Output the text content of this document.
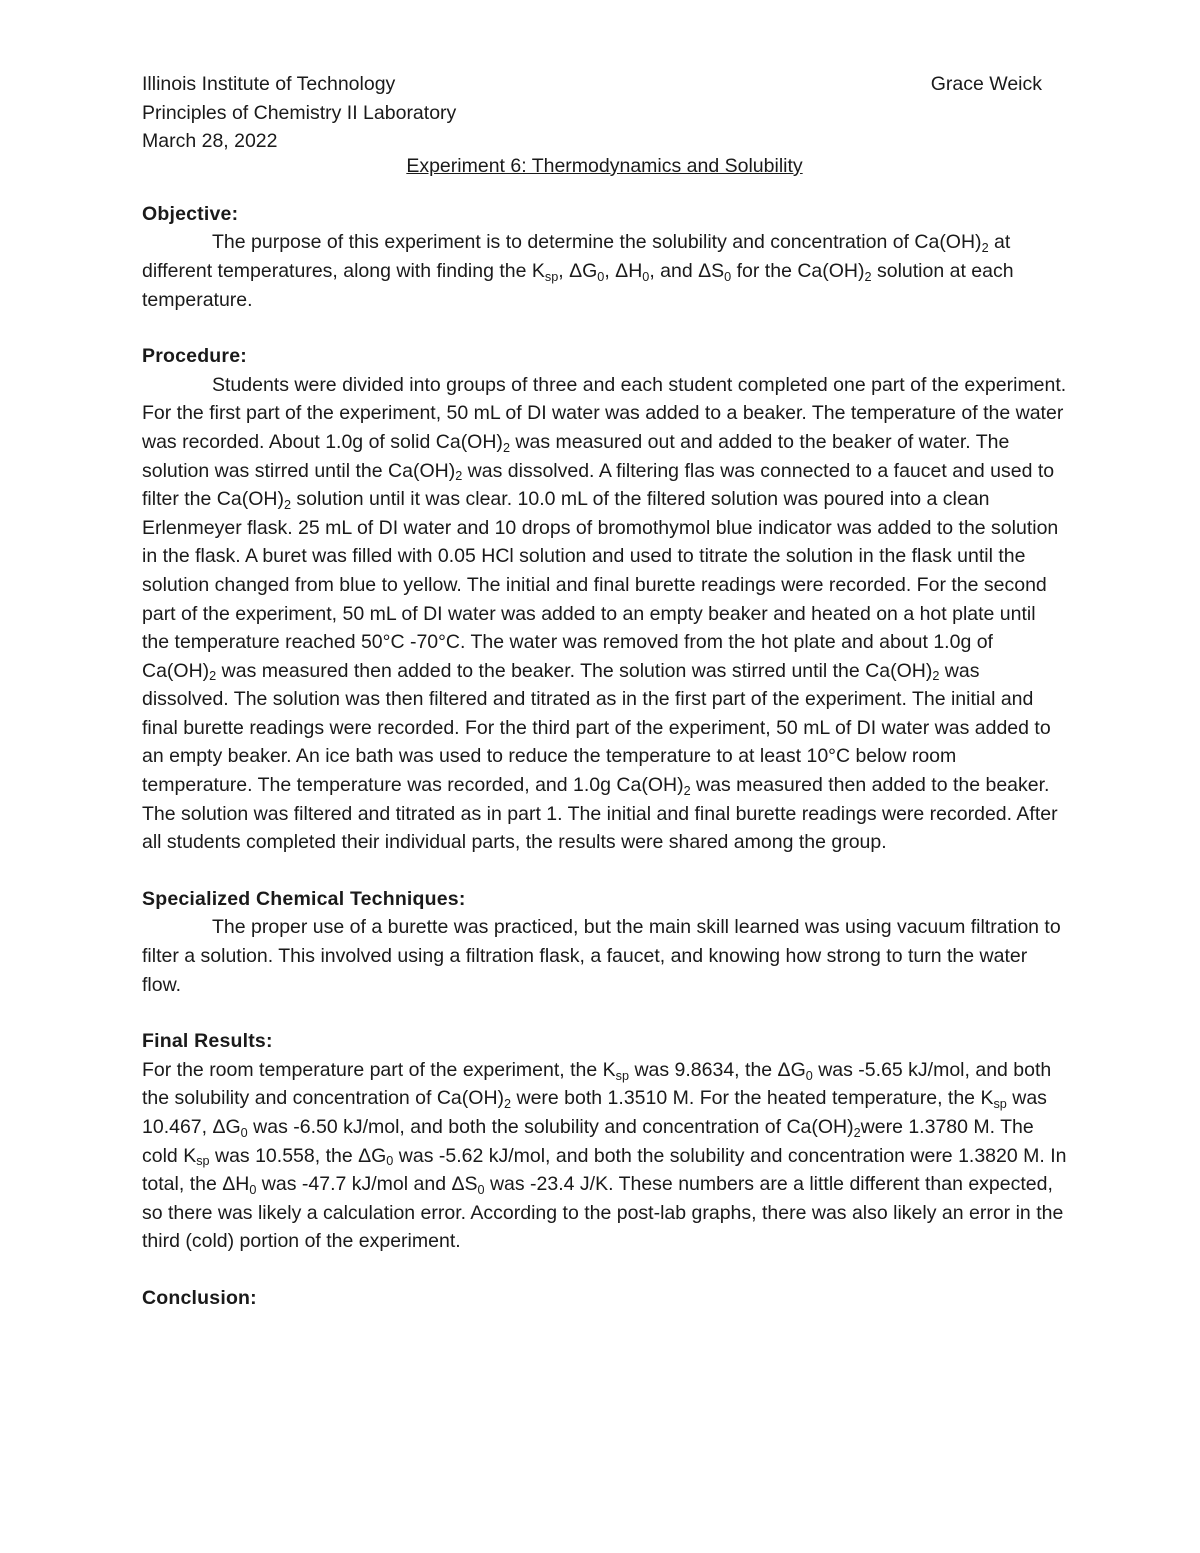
Illinois Institute of Technology	Grace Weick
Principles of Chemistry II Laboratory
March 28, 2022
Experiment 6: Thermodynamics and Solubility
Objective:

The purpose of this experiment is to determine the solubility and concentration of $Ca(OH)_2$ at different temperatures, along with finding the $K_{sp}$, $\Delta G_0$, $\Delta H_0$, and $\Delta S_0$ for the $Ca(OH)_2$ solution at each temperature.

Procedure:

Students were divided into groups of three and each student completed one part of the experiment. For the first part of the experiment, 50 mL of DI water was added to a beaker. The temperature of the water was recorded. About 1.0g of solid $Ca(OH)_2$ was measured out and added to the beaker of water. The solution was stirred until the $Ca(OH)_2$ was dissolved. A filtering flas was connected to a faucet and used to filter the $Ca(OH)_2$ solution until it was clear. 10.0 mL of the filtered solution was poured into a clean Erlenmeyer flask. 25 mL of DI water and 10 drops of bromothymol blue indicator was added to the solution in the flask. A buret was filled with 0.05 HCl solution and used to titrate the solution in the flask until the solution changed from blue to yellow. The initial and final burette readings were recorded. For the second part of the experiment, 50 mL of DI water was added to an empty beaker and heated on a hot plate until the temperature reached 50°C -70°C. The water was removed from the hot plate and about 1.0g of $Ca(OH)_2$ was measured then added to the beaker. The solution was stirred until the $Ca(OH)_2$ was dissolved. The solution was then filtered and titrated as in the first part of the experiment. The initial and final burette readings were recorded. For the third part of the experiment, 50 mL of DI water was added to an empty beaker. An ice bath was used to reduce the temperature to at least 10°C below room temperature. The temperature was recorded, and 1.0g $Ca(OH)_2$ was measured then added to the beaker. The solution was filtered and titrated as in part 1. The initial and final burette readings were recorded. After all students completed their individual parts, the results were shared among the group.

Specialized Chemical Techniques:

The proper use of a burette was practiced, but the main skill learned was using vacuum filtration to filter a solution. This involved using a filtration flask, a faucet, and knowing how strong to turn the water flow.

Final Results:

For the room temperature part of the experiment, the $K_{sp}$ was 9.8634, the $\Delta G_0$ was -5.65 kJ/mol, and both the solubility and concentration of $Ca(OH)_2$ were both 1.3510 M. For the heated temperature, the $K_{sp}$ was 10.467, $\Delta G_0$ was -6.50 kJ/mol, and both the solubility and concentration of $Ca(OH)_2were$ 1.3780 M. The cold $K_{sp}$ was 10.558, the $\Delta G_0$ was -5.62 kJ/mol, and both the solubility and concentration were 1.3820 M. In total, the $\Delta H_0$ was -47.7 kJ/mol and $\Delta S_0$ was -23.4 J/K. These numbers are a little different than expected, so there was likely a calculation error. According to the post-lab graphs, there was also likely an error in the third (cold) portion of the experiment.

Conclusion:
